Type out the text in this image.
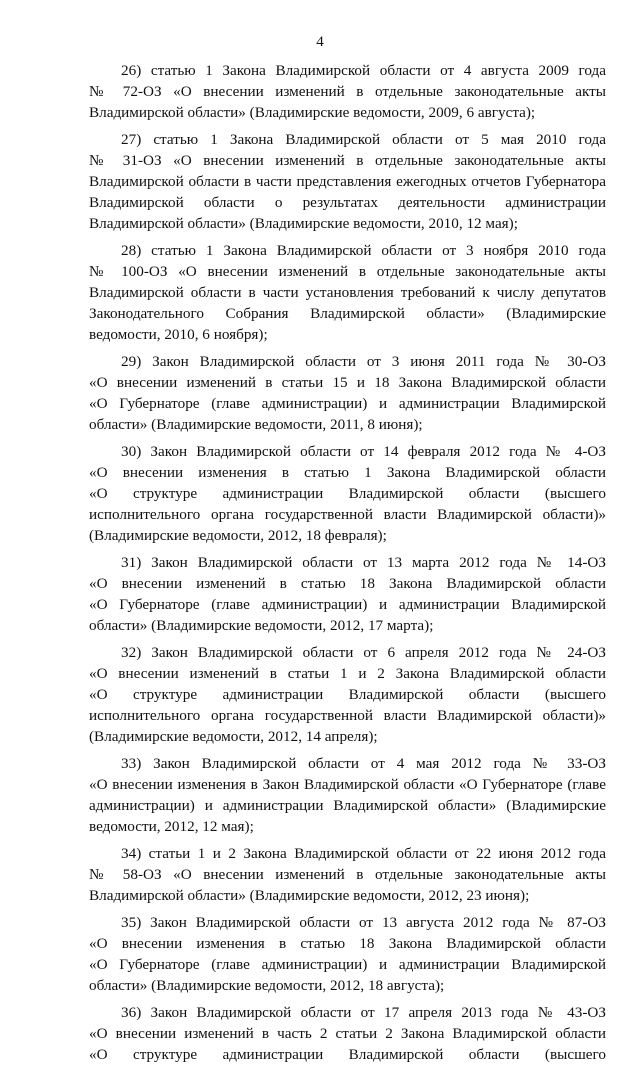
4
26) статью 1 Закона Владимирской области от 4 августа 2009 года
№ 72-ОЗ «О внесении изменений в отдельные законодательные акты
Владимирской области» (Владимирские ведомости, 2009, 6 августа);
27) статью 1 Закона Владимирской области от 5 мая 2010 года
№ 31-ОЗ «О внесении изменений в отдельные законодательные акты
Владимирской области в части представления ежегодных отчетов Губернатора
Владимирской области о результатах деятельности администрации
Владимирской области» (Владимирские ведомости, 2010, 12 мая);
28) статью 1 Закона Владимирской области от 3 ноября 2010 года
№ 100-ОЗ «О внесении изменений в отдельные законодательные акты
Владимирской области в части установления требований к числу депутатов
Законодательного Собрания Владимирской области» (Владимирские
ведомости, 2010, 6 ноября);
29) Закон Владимирской области от 3 июня 2011 года № 30-ОЗ
«О внесении изменений в статьи 15 и 18 Закона Владимирской области
«О Губернаторе (главе администрации) и администрации Владимирской
области» (Владимирские ведомости, 2011, 8 июня);
30) Закон Владимирской области от 14 февраля 2012 года № 4-ОЗ
«О внесении изменения в статью 1 Закона Владимирской области
«О структуре администрации Владимирской области (высшего
исполнительного органа государственной власти Владимирской области)»
(Владимирские ведомости, 2012, 18 февраля);
31) Закон Владимирской области от 13 марта 2012 года № 14-ОЗ
«О внесении изменений в статью 18 Закона Владимирской области
«О Губернаторе (главе администрации) и администрации Владимирской
области» (Владимирские ведомости, 2012, 17 марта);
32) Закон Владимирской области от 6 апреля 2012 года № 24-ОЗ
«О внесении изменений в статьи 1 и 2 Закона Владимирской области
«О структуре администрации Владимирской области (высшего
исполнительного органа государственной власти Владимирской области)»
(Владимирские ведомости, 2012, 14 апреля);
33) Закон Владимирской области от 4 мая 2012 года № 33-ОЗ
«О внесении изменения в Закон Владимирской области «О Губернаторе (главе
администрации) и администрации Владимирской области» (Владимирские
ведомости, 2012, 12 мая);
34) статьи 1 и 2 Закона Владимирской области от 22 июня 2012 года
№ 58-ОЗ «О внесении изменений в отдельные законодательные акты
Владимирской области» (Владимирские ведомости, 2012, 23 июня);
35) Закон Владимирской области от 13 августа 2012 года № 87-ОЗ
«О внесении изменения в статью 18 Закона Владимирской области
«О Губернаторе (главе администрации) и администрации Владимирской
области» (Владимирские ведомости, 2012, 18 августа);
36) Закон Владимирской области от 17 апреля 2013 года № 43-ОЗ
«О внесении изменений в часть 2 статьи 2 Закона Владимирской области
«О структуре администрации Владимирской области (высшего
